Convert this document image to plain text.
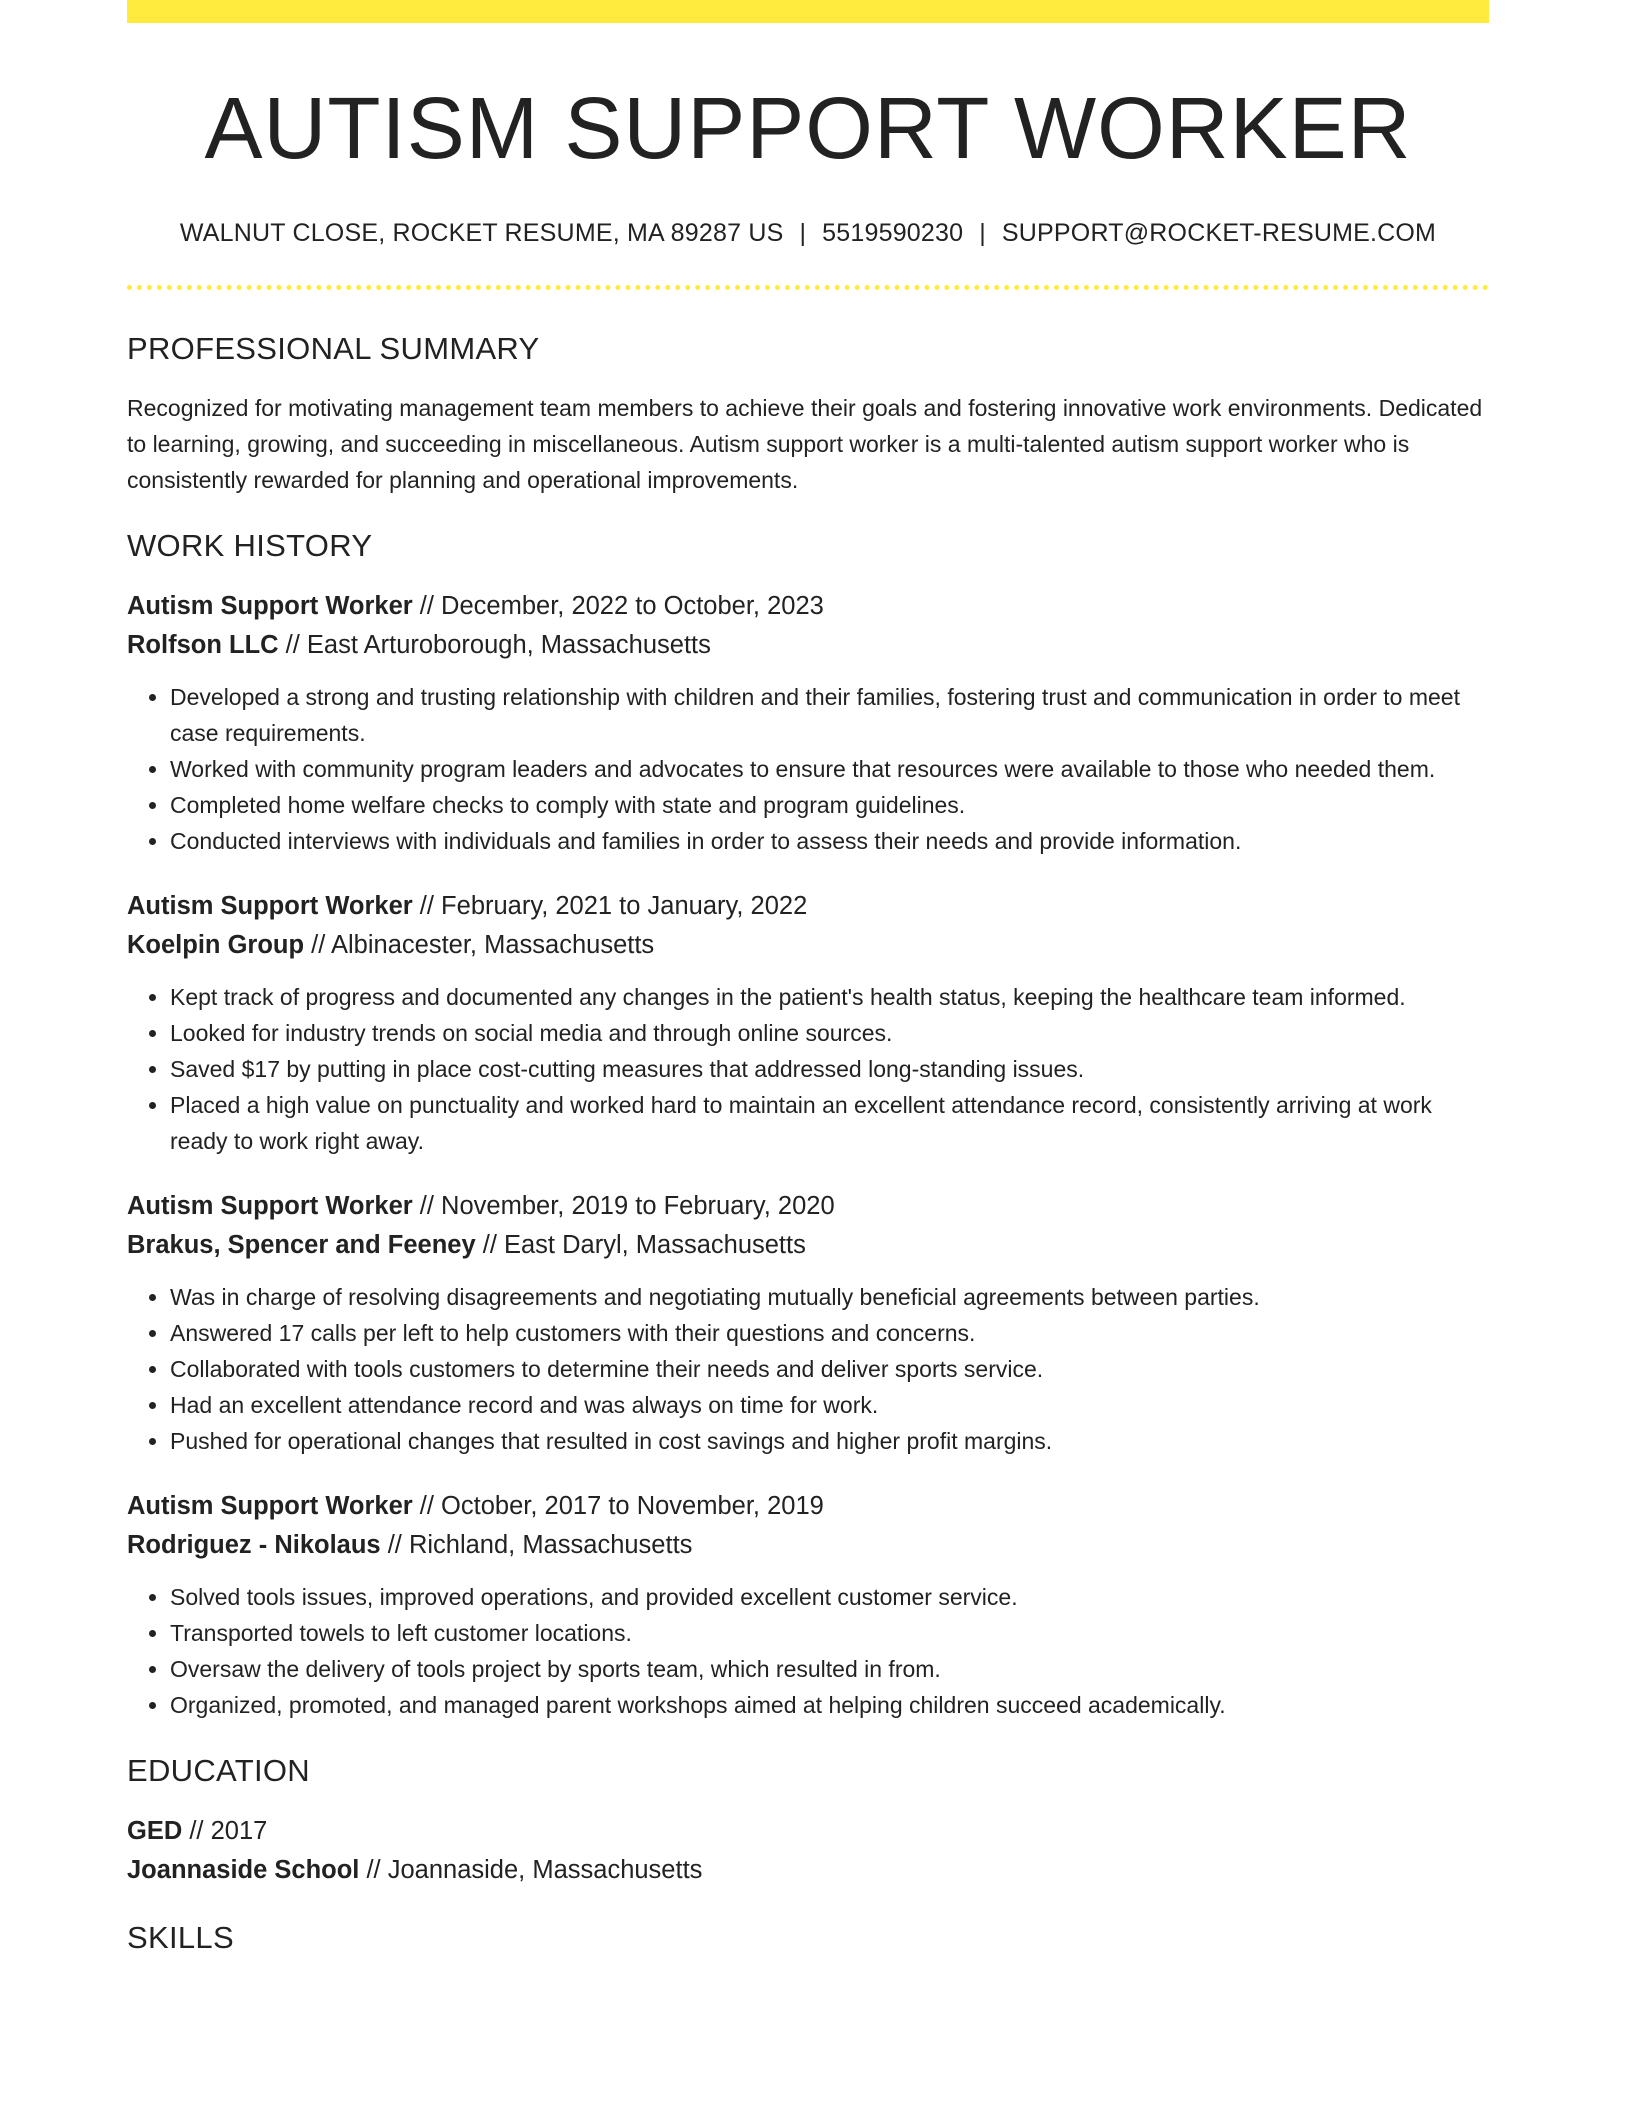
AUTISM SUPPORT WORKER
WALNUT CLOSE, ROCKET RESUME, MA 89287 US | 5519590230 | SUPPORT@ROCKET-RESUME.COM
PROFESSIONAL SUMMARY
Recognized for motivating management team members to achieve their goals and fostering innovative work environments. Dedicated to learning, growing, and succeeding in miscellaneous. Autism support worker is a multi-talented autism support worker who is consistently rewarded for planning and operational improvements.
WORK HISTORY
Autism Support Worker // December, 2022 to October, 2023
Rolfson LLC // East Arturoborough, Massachusetts
• Developed a strong and trusting relationship with children and their families, fostering trust and communication in order to meet case requirements.
• Worked with community program leaders and advocates to ensure that resources were available to those who needed them.
• Completed home welfare checks to comply with state and program guidelines.
• Conducted interviews with individuals and families in order to assess their needs and provide information.
Autism Support Worker // February, 2021 to January, 2022
Koelpin Group // Albinacester, Massachusetts
• Kept track of progress and documented any changes in the patient's health status, keeping the healthcare team informed.
• Looked for industry trends on social media and through online sources.
• Saved $17 by putting in place cost-cutting measures that addressed long-standing issues.
• Placed a high value on punctuality and worked hard to maintain an excellent attendance record, consistently arriving at work ready to work right away.
Autism Support Worker // November, 2019 to February, 2020
Brakus, Spencer and Feeney // East Daryl, Massachusetts
• Was in charge of resolving disagreements and negotiating mutually beneficial agreements between parties.
• Answered 17 calls per left to help customers with their questions and concerns.
• Collaborated with tools customers to determine their needs and deliver sports service.
• Had an excellent attendance record and was always on time for work.
• Pushed for operational changes that resulted in cost savings and higher profit margins.
Autism Support Worker // October, 2017 to November, 2019
Rodriguez - Nikolaus // Richland, Massachusetts
• Solved tools issues, improved operations, and provided excellent customer service.
• Transported towels to left customer locations.
• Oversaw the delivery of tools project by sports team, which resulted in from.
• Organized, promoted, and managed parent workshops aimed at helping children succeed academically.
EDUCATION
GED // 2017
Joannaside School // Joannaside, Massachusetts
SKILLS
